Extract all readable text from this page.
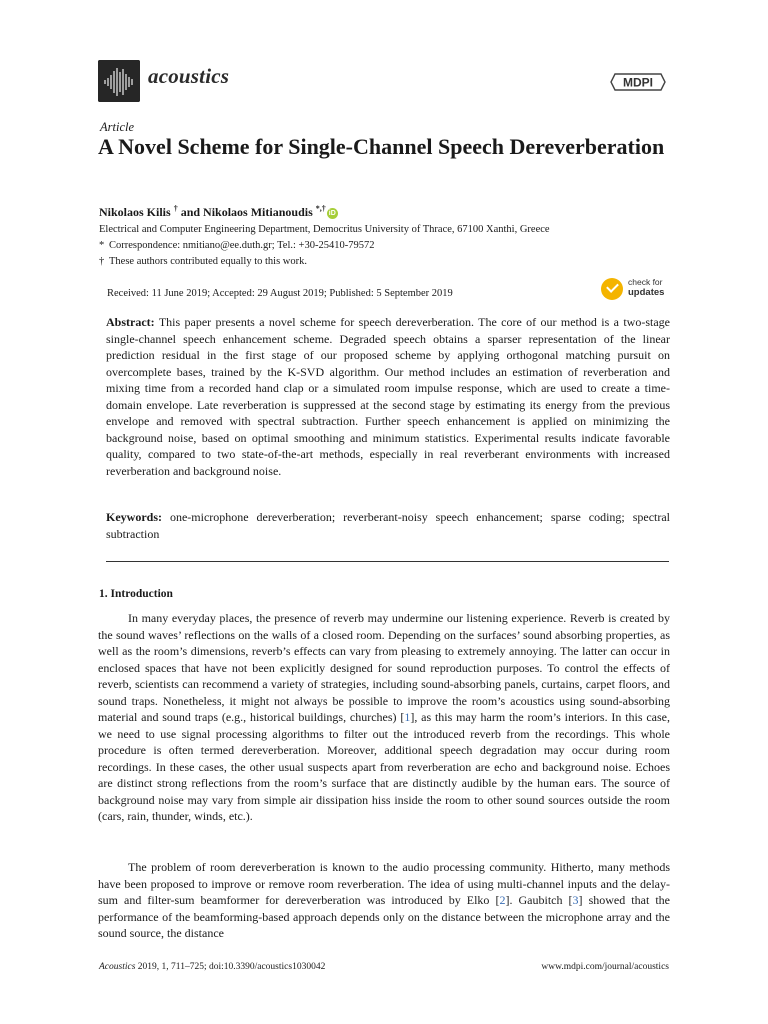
acoustics	MDPI
Article
A Novel Scheme for Single-Channel Speech Dereverberation
Nikolaos Kilis † and Nikolaos Mitianoudis *,†iD
Electrical and Computer Engineering Department, Democritus University of Thrace, 67100 Xanthi, Greece
* Correspondence: nmitiano@ee.duth.gr; Tel.: +30-25410-79572
† These authors contributed equally to this work.
Received: 11 June 2019; Accepted: 29 August 2019; Published: 5 September 2019
check for
updates
Abstract: This paper presents a novel scheme for speech dereverberation. The core of our method is a two-stage single-channel speech enhancement scheme. Degraded speech obtains a sparser representation of the linear prediction residual in the first stage of our proposed scheme by applying orthogonal matching pursuit on overcomplete bases, trained by the K-SVD algorithm. Our method includes an estimation of reverberation and mixing time from a recorded hand clap or a simulated room impulse response, which are used to create a time-domain envelope. Late reverberation is suppressed at the second stage by estimating its energy from the previous envelope and removed with spectral subtraction. Further speech enhancement is applied on minimizing the background noise, based on optimal smoothing and minimum statistics. Experimental results indicate favorable quality, compared to two state-of-the-art methods, especially in real reverberant environments with increased reverberation and background noise.
Keywords: one-microphone dereverberation; reverberant-noisy speech enhancement; sparse coding; spectral subtraction
1. Introduction
In many everyday places, the presence of reverb may undermine our listening experience. Reverb is created by the sound waves’ reflections on the walls of a closed room. Depending on the surfaces’ sound absorbing properties, as well as the room’s dimensions, reverb’s effects can vary from pleasing to extremely annoying. The latter can occur in enclosed spaces that have not been explicitly designed for sound reproduction purposes. To control the effects of reverb, scientists can recommend a variety of strategies, including sound-absorbing panels, curtains, carpet floors, and sound traps. Nonetheless, it might not always be possible to improve the room’s acoustics using sound-absorbing material and sound traps (e.g., historical buildings, churches) [1], as this may harm the room’s interiors. In this case, we need to use signal processing algorithms to filter out the introduced reverb from the recordings. This whole procedure is often termed dereverberation. Moreover, additional speech degradation may occur during room recordings. In these cases, the other usual suspects apart from reverberation are echo and background noise. Echoes are distinct strong reflections from the room’s surface that are distinctly audible by the human ears. The source of background noise may vary from simple air dissipation hiss inside the room to other sound sources outside the room (cars, rain, thunder, winds, etc.).
The problem of room dereverberation is known to the audio processing community. Hitherto, many methods have been proposed to improve or remove room reverberation. The idea of using multi-channel inputs and the delay-sum and filter-sum beamformer for dereverberation was introduced by Elko [2]. Gaubitch [3] showed that the performance of the beamforming-based approach depends only on the distance between the microphone array and the sound source, the distance
Acoustics 2019, 1, 711–725; doi:10.3390/acoustics1030042	www.mdpi.com/journal/acoustics
